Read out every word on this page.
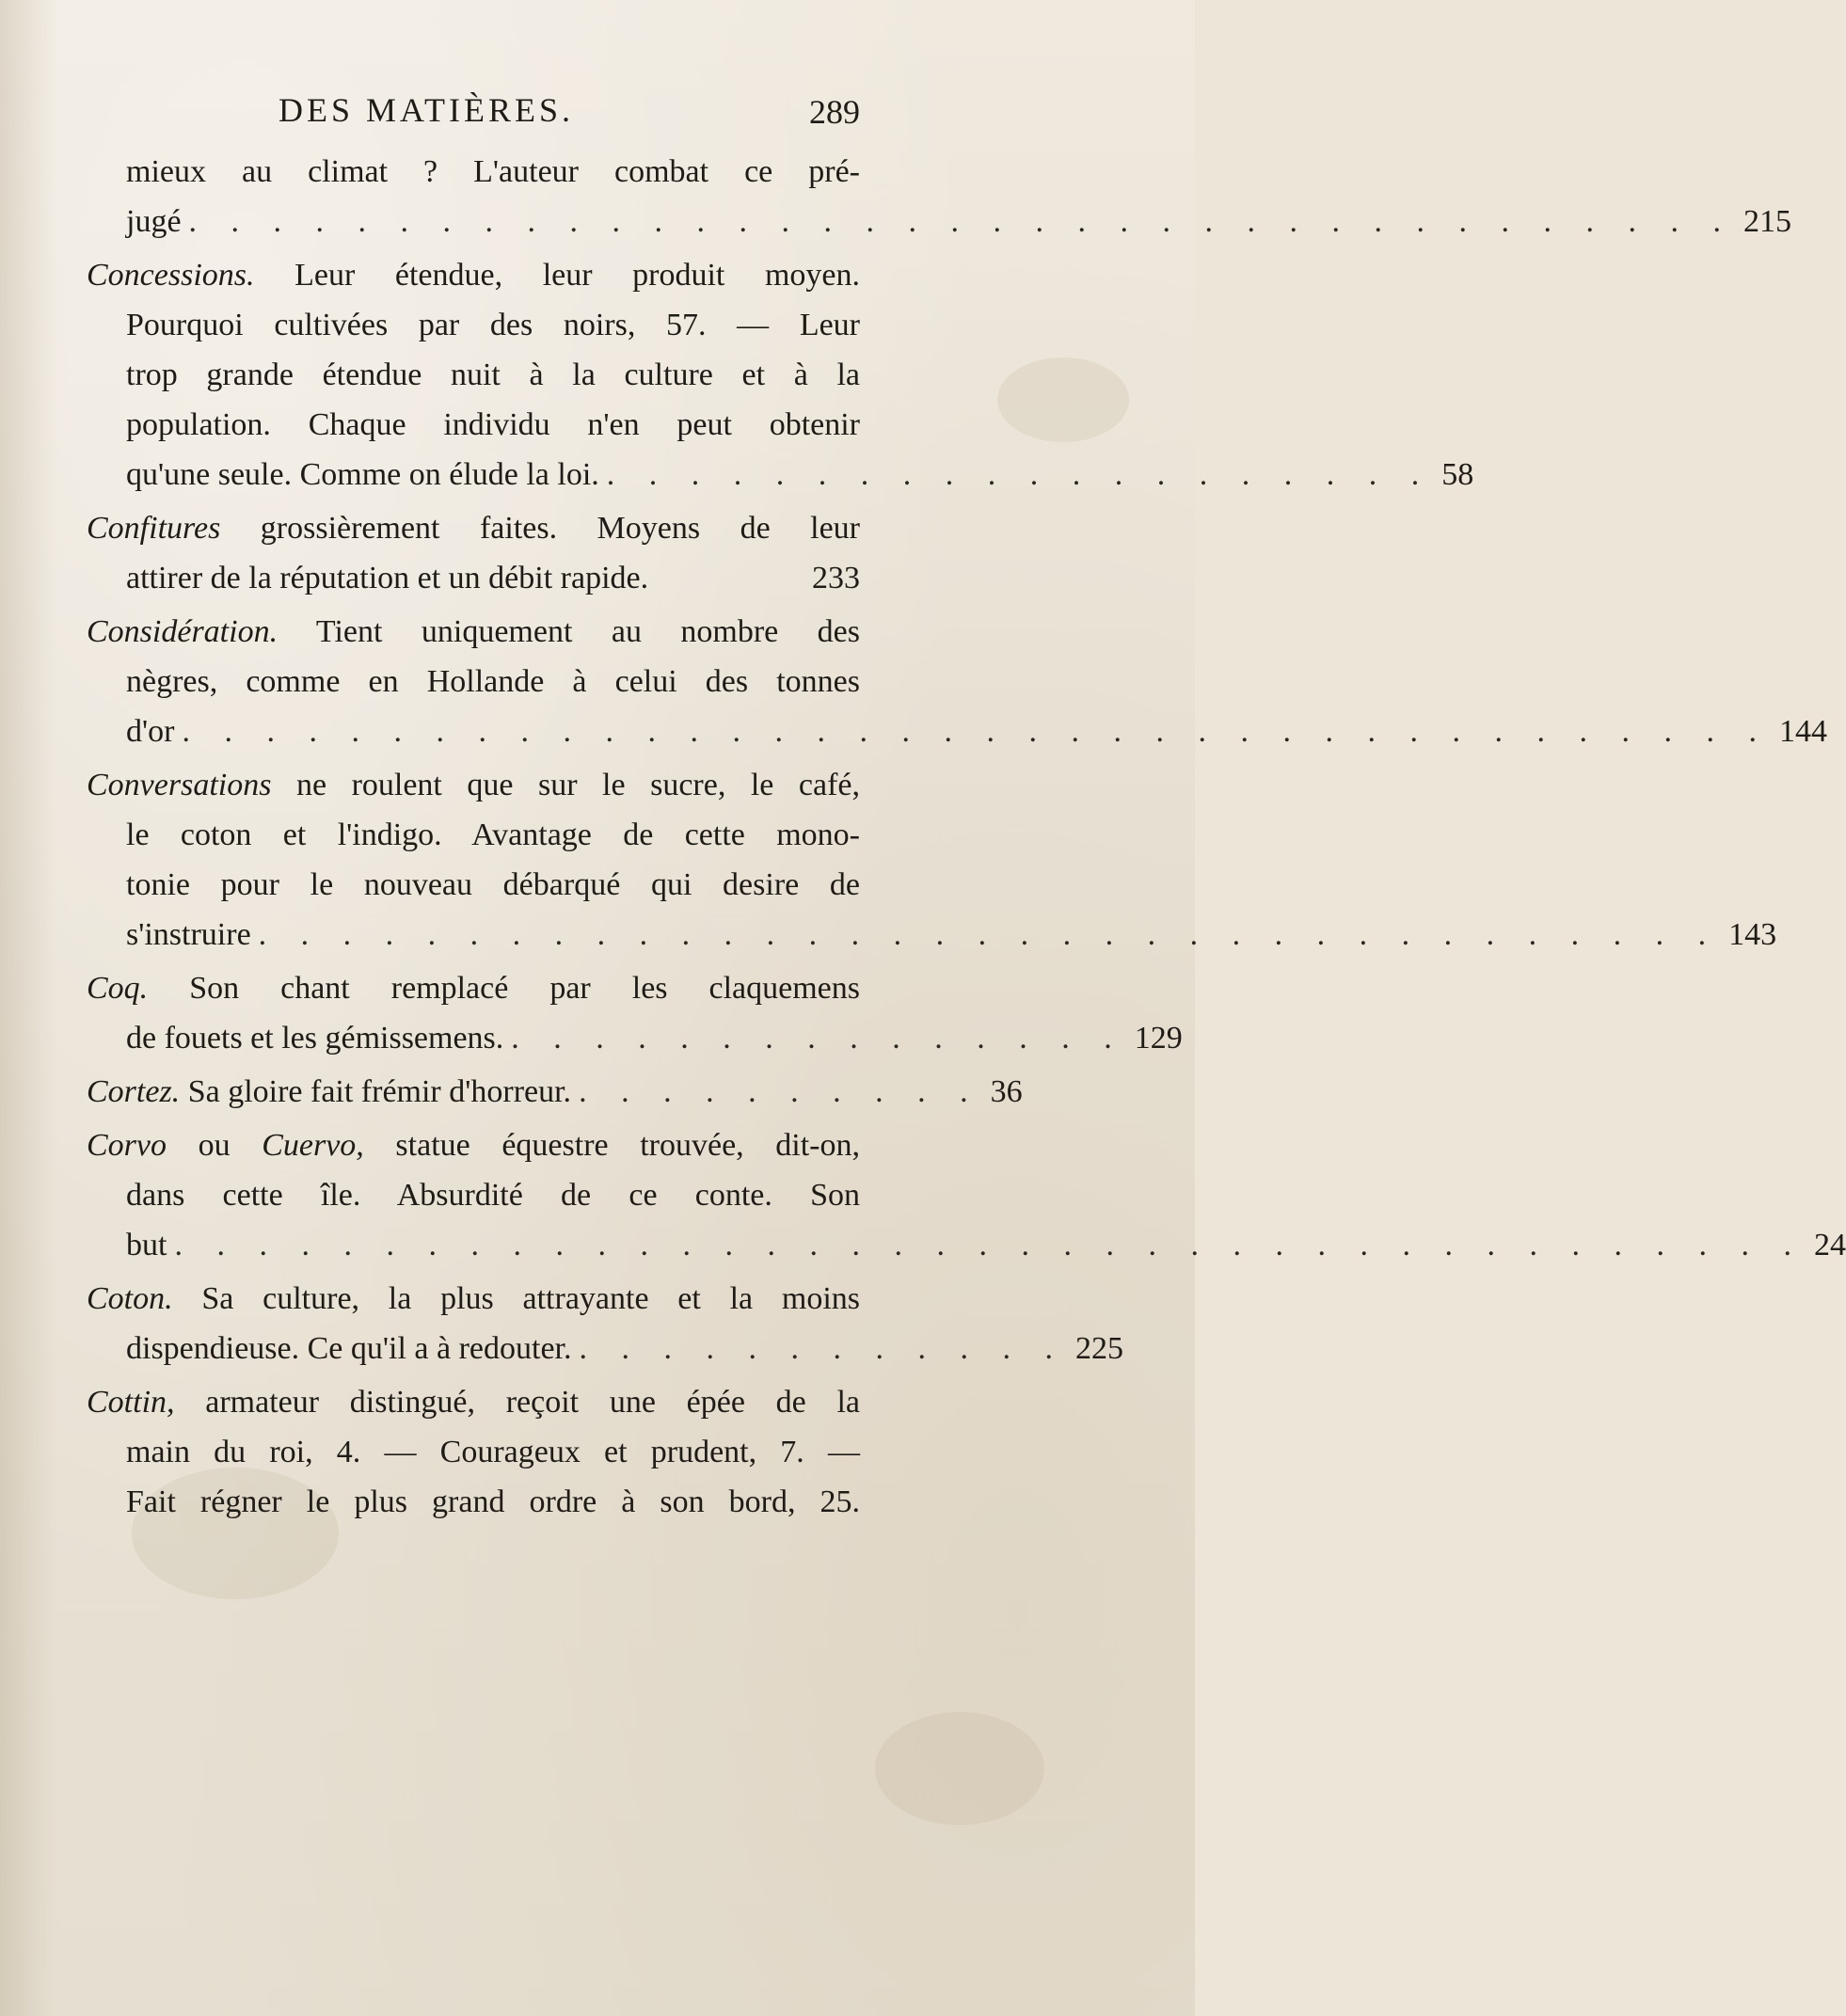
DES MATIÈRES.	289
mieux au climat ? L'auteur combat ce pré-
jugé . . . . . . . . . . . . . . . . . . . . . . . . . . . . . . . . . . . . . 215
Concessions. Leur étendue, leur produit moyen.
Pourquoi cultivées par des noirs, 57. — Leur
trop grande étendue nuit à la culture et à la
population. Chaque individu n'en peut obtenir
qu'une seule. Comme on élude la loi. . . . . . . . . . . . . . . . . . . . . 58
Confitures grossièrement faites. Moyens de leur
attirer de la réputation et un débit rapide.	233
Considération. Tient uniquement au nombre des
nègres, comme en Hollande à celui des tonnes
d'or . . . . . . . . . . . . . . . . . . . . . . . . . . . . . . . . . . . . . . 144
Conversations ne roulent que sur le sucre, le café,
le coton et l'indigo. Avantage de cette mono-
tonie pour le nouveau débarqué qui desire de
s'instruire . . . . . . . . . . . . . . . . . . . . . . . . . . . . . . . . . . . 143
Coq. Son chant remplacé par les claquemens
de fouets et les gémissemens. . . . . . . . . . . . . . . . 129
Cortez. Sa gloire fait frémir d'horreur. . . . . . . . . . . 36
Corvo ou Cuervo, statue équestre trouvée, dit-on,
dans cette île. Absurdité de ce conte. Son
but . . . . . . . . . . . . . . . . . . . . . . . . . . . . . . . . . . . . . . . 24
Coton. Sa culture, la plus attrayante et la moins
dispendieuse. Ce qu'il a à redouter. . . . . . . . . . . . . 225
Cottin, armateur distingué, reçoit une épée de la
main du roi, 4. — Courageux et prudent, 7. —
Fait régner le plus grand ordre à son bord, 25.
